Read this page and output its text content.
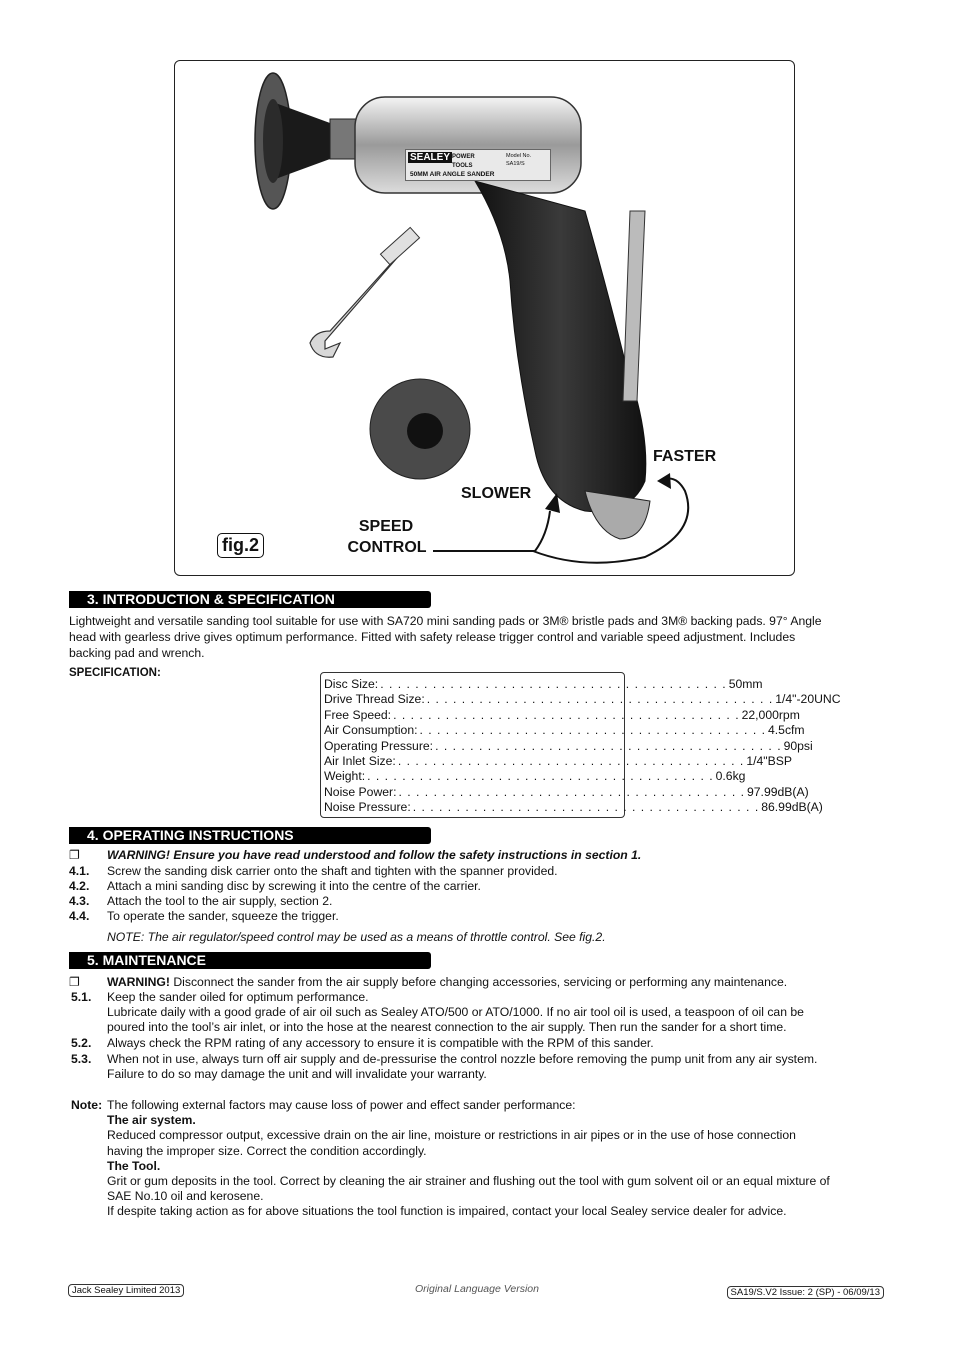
SEALEY POWER TOOLS
Model No.
SA19/S
50MM AIR ANGLE SANDER
fig.2
SPEED
CONTROL
SLOWER
FASTER
3. INTRODUCTION & SPECIFICATION
Lightweight and versatile sanding tool suitable for use with SA720 mini sanding pads or 3M® bristle pads and 3M® backing pads. 97° Angle
head with gearless drive gives optimum performance. Fitted with safety release trigger control and variable speed adjustment. Includes
backing pad and wrench.
SPECIFICATION:
Disc Size: . . . . . . . . . . . . . . . . . . . . . . . . . . . . . . . . . . . . . . . . 50mm
Drive Thread Size: . . . . . . . . . . . . . . . . . . . . . . . . . . . . . . . . . . . . . . . . 1/4"-20UNC
Free Speed: . . . . . . . . . . . . . . . . . . . . . . . . . . . . . . . . . . . . . . . . 22,000rpm
Air Consumption: . . . . . . . . . . . . . . . . . . . . . . . . . . . . . . . . . . . . . . . . 4.5cfm
Operating Pressure: . . . . . . . . . . . . . . . . . . . . . . . . . . . . . . . . . . . . . . . . 90psi
Air Inlet Size: . . . . . . . . . . . . . . . . . . . . . . . . . . . . . . . . . . . . . . . . 1/4"BSP
Weight: . . . . . . . . . . . . . . . . . . . . . . . . . . . . . . . . . . . . . . . . 0.6kg
Noise Power: . . . . . . . . . . . . . . . . . . . . . . . . . . . . . . . . . . . . . . . . 97.99dB(A)
Noise Pressure: . . . . . . . . . . . . . . . . . . . . . . . . . . . . . . . . . . . . . . . . 86.99dB(A)
4. OPERATING INSTRUCTIONS
❐ WARNING! Ensure you have read understood and follow the safety instructions in section 1.
4.1. Screw the sanding disk carrier onto the shaft and tighten with the spanner provided.
4.2. Attach a mini sanding disc by screwing it into the centre of the carrier.
4.3. Attach the tool to the air supply, section 2.
4.4. To operate the sander, squeeze the trigger.
NOTE: The air regulator/speed control may be used as a means of throttle control. See fig.2.
5. MAINTENANCE
❐ WARNING! Disconnect the sander from the air supply before changing accessories, servicing or performing any maintenance.
5.1. Keep the sander oiled for optimum performance.
Lubricate daily with a good grade of air oil such as Sealey ATO/500 or ATO/1000. If no air tool oil is used, a teaspoon of oil can be
poured into the tool’s air inlet, or into the hose at the nearest connection to the air supply. Then run the sander for a short time.
5.2. Always check the RPM rating of any accessory to ensure it is compatible with the RPM of this sander.
5.3. When not in use, always turn off air supply and de-pressurise the control nozzle before removing the pump unit from any air system.
Failure to do so may damage the unit and will invalidate your warranty.
Note: The following external factors may cause loss of power and effect sander performance:
The air system.
Reduced compressor output, excessive drain on the air line, moisture or restrictions in air pipes or in the use of hose connection
having the improper size. Correct the condition accordingly.
The Tool.
Grit or gum deposits in the tool. Correct by cleaning the air strainer and flushing out the tool with gum solvent oil or an equal mixture of
SAE No.10 oil and kerosene.
If despite taking action as for above situations the tool function is impaired, contact your local Sealey service dealer for advice.
Jack Sealey Limited 2013	Original Language Version	SA19/S.V2 Issue: 2 (SP) - 06/09/13
